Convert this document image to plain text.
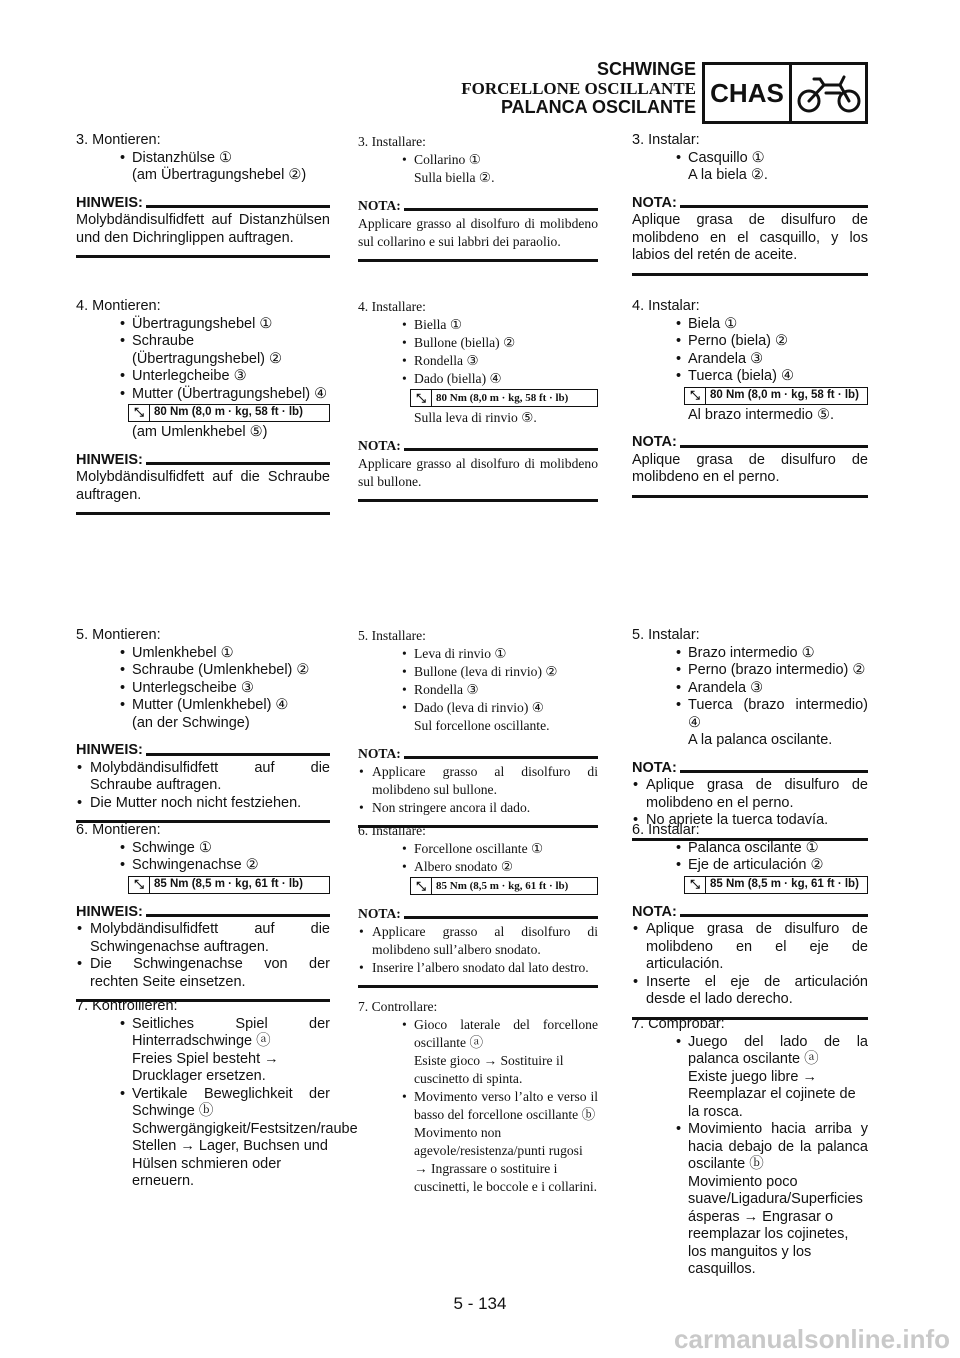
SCHWINGE
FORCELLONE OSCILLANTE
PALANCA OSCILANTE CHAS
3. Montieren:
• Distanzhülse ①
(am Übertragungshebel ②)
HINWEIS:
Molybdändisulfidfett auf Distanzhülsen und den Dichringlippen auftragen.
4. Montieren:
• Übertragungshebel ①
• Schraube (Übertragungshebel) ②
• Unterlegcheibe ③
• Mutter (Übertragungshebel) ④
⤡ 80 Nm (8,0 m · kg, 58 ft · lb)
(am Umlenkhebel ⑤)
HINWEIS:
Molybdändisulfidfett auf die Schraube auftragen.
5. Montieren:
• Umlenkhebel ①
• Schraube (Umlenkhebel) ②
• Unterlegscheibe ③
• Mutter (Umlenkhebel) ④
(an der Schwinge)
HINWEIS:
• Molybdändisulfidfett auf die Schraube auftragen.
• Die Mutter noch nicht festziehen.
6. Montieren:
• Schwinge ①
• Schwingenachse ②
⤡ 85 Nm (8,5 m · kg, 61 ft · lb)
HINWEIS:
• Molybdändisulfidfett auf die Schwingenachse auftragen.
• Die Schwingenachse von der rechten Seite einsetzen.
7. Kontrollieren:
• Seitliches Spiel der Hinterradschwinge ⓐ
Freies Spiel besteht → Drucklager ersetzen.
• Vertikale Beweglichkeit der Schwinge ⓑ
Schwergängigkeit/Festsitzen/raube Stellen → Lager, Buchsen und Hülsen schmieren oder erneuern.
3. Installare:
• Collarino ①
Sulla biella ②.
NOTA:
Applicare grasso al disolfuro di molibdeno sul collarino e sui labbri dei paraolio.
4. Installare:
• Biella ①
• Bullone (biella) ②
• Rondella ③
• Dado (biella) ④
⤡ 80 Nm (8,0 m · kg, 58 ft · lb)
Sulla leva di rinvio ⑤.
NOTA:
Applicare grasso al disolfuro di molibdeno sul bullone.
5. Installare:
• Leva di rinvio ①
• Bullone (leva di rinvio) ②
• Rondella ③
• Dado (leva di rinvio) ④
Sul forcellone oscillante.
NOTA:
• Applicare grasso al disolfuro di molibdeno sul bullone.
• Non stringere ancora il dado.
6. Installare:
• Forcellone oscillante ①
• Albero snodato ②
⤡ 85 Nm (8,5 m · kg, 61 ft · lb)
NOTA:
• Applicare grasso al disolfuro di molibdeno sull’albero snodato.
• Inserire l’albero snodato dal lato destro.
7. Controllare:
• Gioco laterale del forcellone oscillante ⓐ
Esiste gioco → Sostituire il cuscinetto di spinta.
• Movimento verso l’alto e verso il basso del forcellone oscillante ⓑ
Movimento non agevole/resistenza/punti rugosi → Ingrassare o sostituire i cuscinetti, le boccole e i collarini.
3. Instalar:
• Casquillo ①
A la biela ②.
NOTA:
Aplique grasa de disulfuro de molibdeno en el casquillo, y los labios del retén de aceite.
4. Instalar:
• Biela ①
• Perno (biela) ②
• Arandela ③
• Tuerca (biela) ④
⤡ 80 Nm (8,0 m · kg, 58 ft · lb)
Al brazo intermedio ⑤.
NOTA:
Aplique grasa de disulfuro de molibdeno en el perno.
5. Instalar:
• Brazo intermedio ①
• Perno (brazo intermedio) ②
• Arandela ③
• Tuerca (brazo intermedio) ④
A la palanca oscilante.
NOTA:
• Aplique grasa de disulfuro de molibdeno en el perno.
• No apriete la tuerca todavía.
6. Instalar:
• Palanca oscilante ①
• Eje de articulación ②
⤡ 85 Nm (8,5 m · kg, 61 ft · lb)
NOTA:
• Aplique grasa de disulfuro de molibdeno en el eje de articulación.
• Inserte el eje de articulación desde el lado derecho.
7. Comprobar:
• Juego del lado de la palanca oscilante ⓐ
Existe juego libre → Reemplazar el cojinete de la rosca.
• Movimiento hacia arriba y hacia debajo de la palanca oscilante ⓑ
Movimiento poco suave/Ligadura/Superficies ásperas → Engrasar o reemplazar los cojinetes, los manguitos y los casquillos.
5 - 134
carmanualsonline.info
